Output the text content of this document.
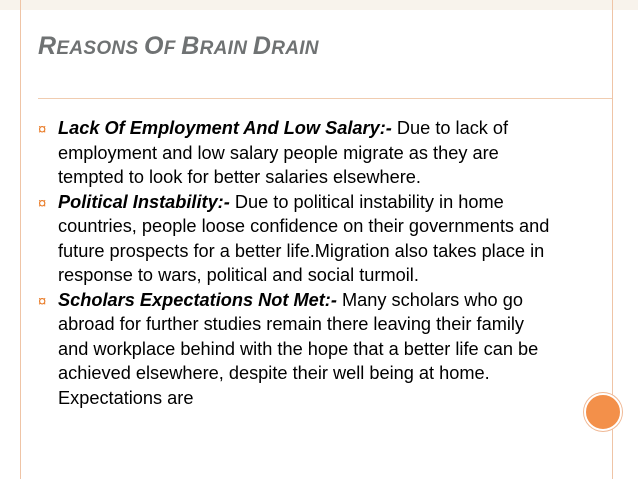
REASONS OF BRAIN DRAIN
¤ Lack Of Employment And Low Salary:- Due to lack of employment and low salary people migrate as they are tempted to look for better salaries elsewhere.
¤ Political Instability:- Due to political instability in home countries, people loose confidence on their governments and future prospects for a better life.Migration also takes place in response to wars, political and social turmoil.
¤ Scholars Expectations Not Met:- Many scholars who go abroad for further studies remain there leaving their family and workplace behind with the hope that a better life can be achieved elsewhere, despite their well being at home. Expectations are
